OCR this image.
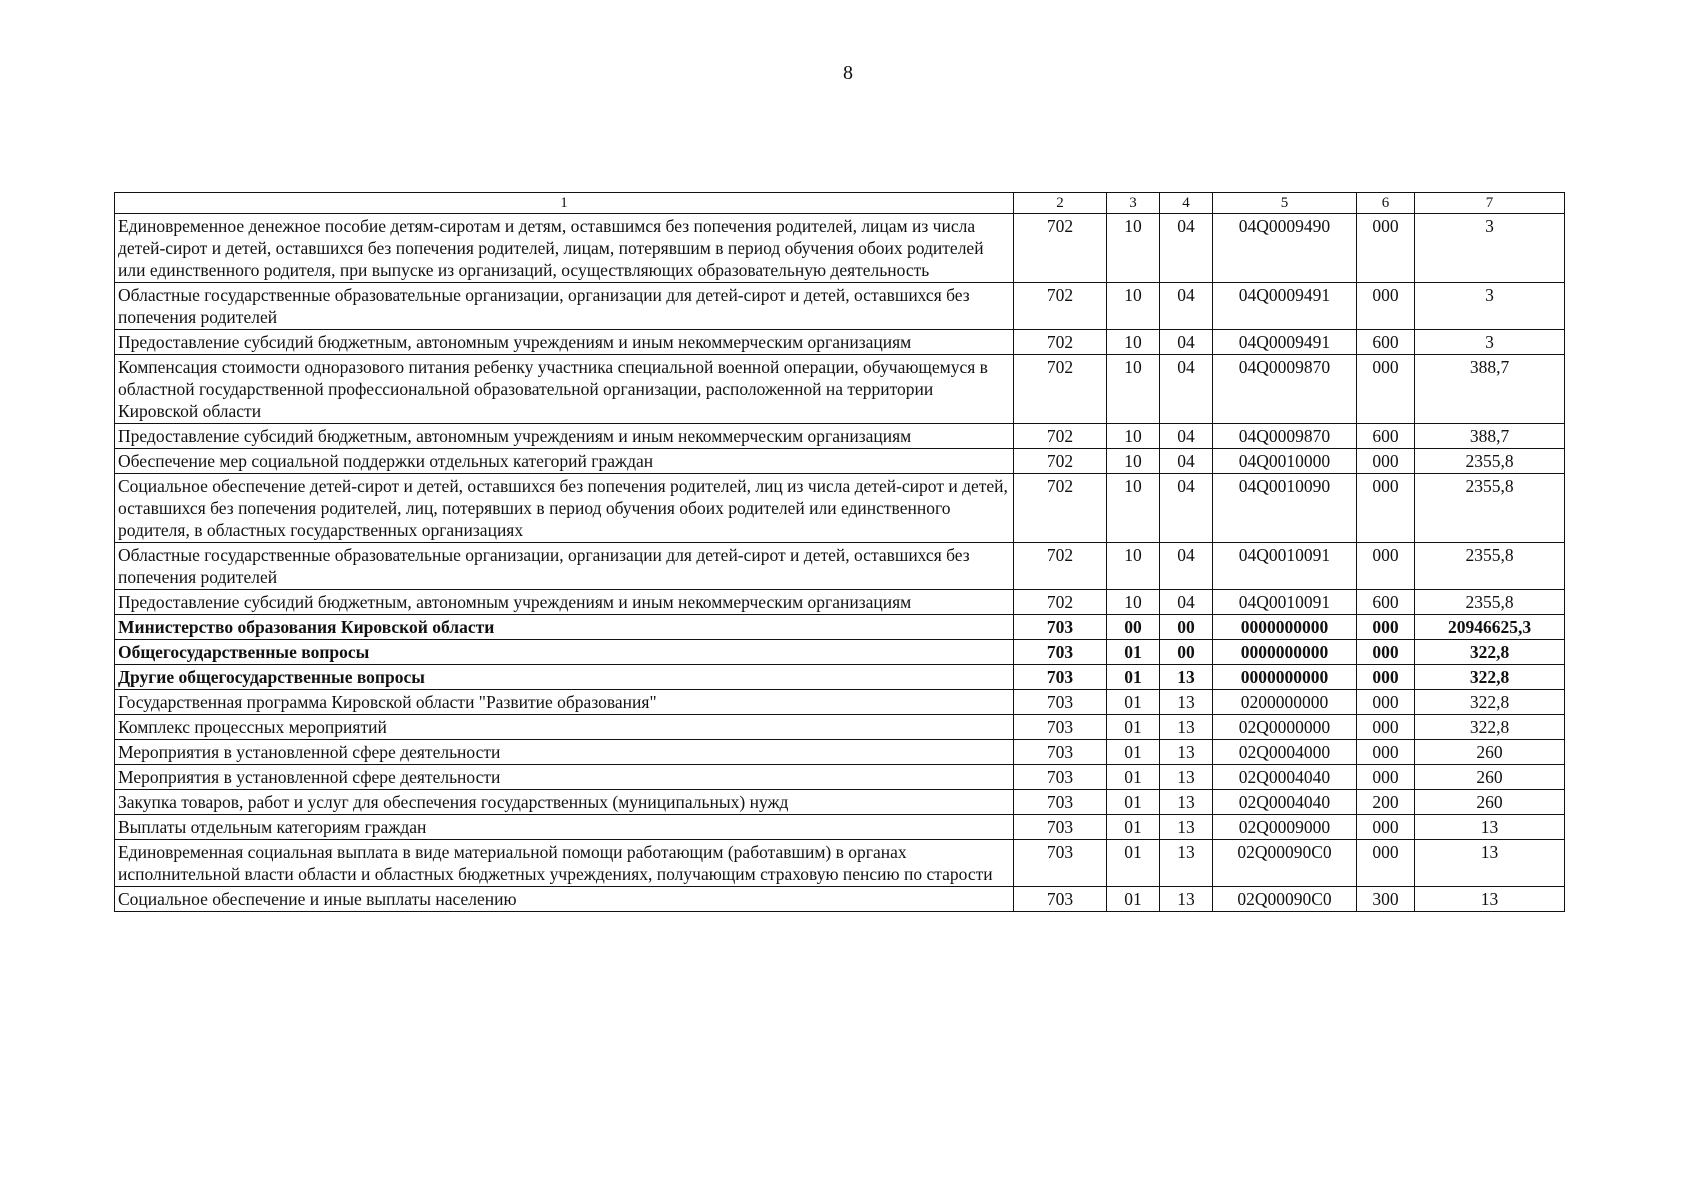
8
1	2	3	4	5	6	7
Единовременное денежное пособие детям-сиротам и детям, оставшимся без попечения родителей, лицам из числа детей-сирот и детей, оставшихся без попечения родителей, лицам, потерявшим в период обучения обоих родителей или единственного родителя, при выпуске из организаций, осуществляющих образовательную деятельность	702	10	04	04Q0009490	000	3
Областные государственные образовательные организации, организации для детей-сирот и детей, оставшихся без попечения родителей	702	10	04	04Q0009491	000	3
Предоставление субсидий бюджетным, автономным учреждениям и иным некоммерческим организациям	702	10	04	04Q0009491	600	3
Компенсация стоимости одноразового питания ребенку участника специальной военной операции, обучающемуся в областной государственной профессиональной образовательной организации, расположенной на территории Кировской области	702	10	04	04Q0009870	000	388,7
Предоставление субсидий бюджетным, автономным учреждениям и иным некоммерческим организациям	702	10	04	04Q0009870	600	388,7
Обеспечение мер социальной поддержки отдельных категорий граждан	702	10	04	04Q0010000	000	2355,8
Социальное обеспечение детей-сирот и детей, оставшихся без попечения родителей, лиц из числа детей-сирот и детей, оставшихся без попечения родителей, лиц, потерявших в период обучения обоих родителей или единственного родителя, в областных государственных организациях	702	10	04	04Q0010090	000	2355,8
Областные государственные образовательные организации, организации для детей-сирот и детей, оставшихся без попечения родителей	702	10	04	04Q0010091	000	2355,8
Предоставление субсидий бюджетным, автономным учреждениям и иным некоммерческим организациям	702	10	04	04Q0010091	600	2355,8
Министерство образования Кировской области	703	00	00	0000000000	000	20946625,3
Общегосударственные вопросы	703	01	00	0000000000	000	322,8
Другие общегосударственные вопросы	703	01	13	0000000000	000	322,8
Государственная программа Кировской области "Развитие образования"	703	01	13	0200000000	000	322,8
Комплекс процессных мероприятий	703	01	13	02Q0000000	000	322,8
Мероприятия в установленной сфере деятельности	703	01	13	02Q0004000	000	260
Мероприятия в установленной сфере деятельности	703	01	13	02Q0004040	000	260
Закупка товаров, работ и услуг для обеспечения государственных (муниципальных) нужд	703	01	13	02Q0004040	200	260
Выплаты отдельным категориям граждан	703	01	13	02Q0009000	000	13
Единовременная социальная выплата в виде материальной помощи работающим (работавшим) в органах исполнительной власти области и областных бюджетных учреждениях, получающим страховую пенсию по старости	703	01	13	02Q00090C0	000	13
Социальное обеспечение и иные выплаты населению	703	01	13	02Q00090C0	300	13
